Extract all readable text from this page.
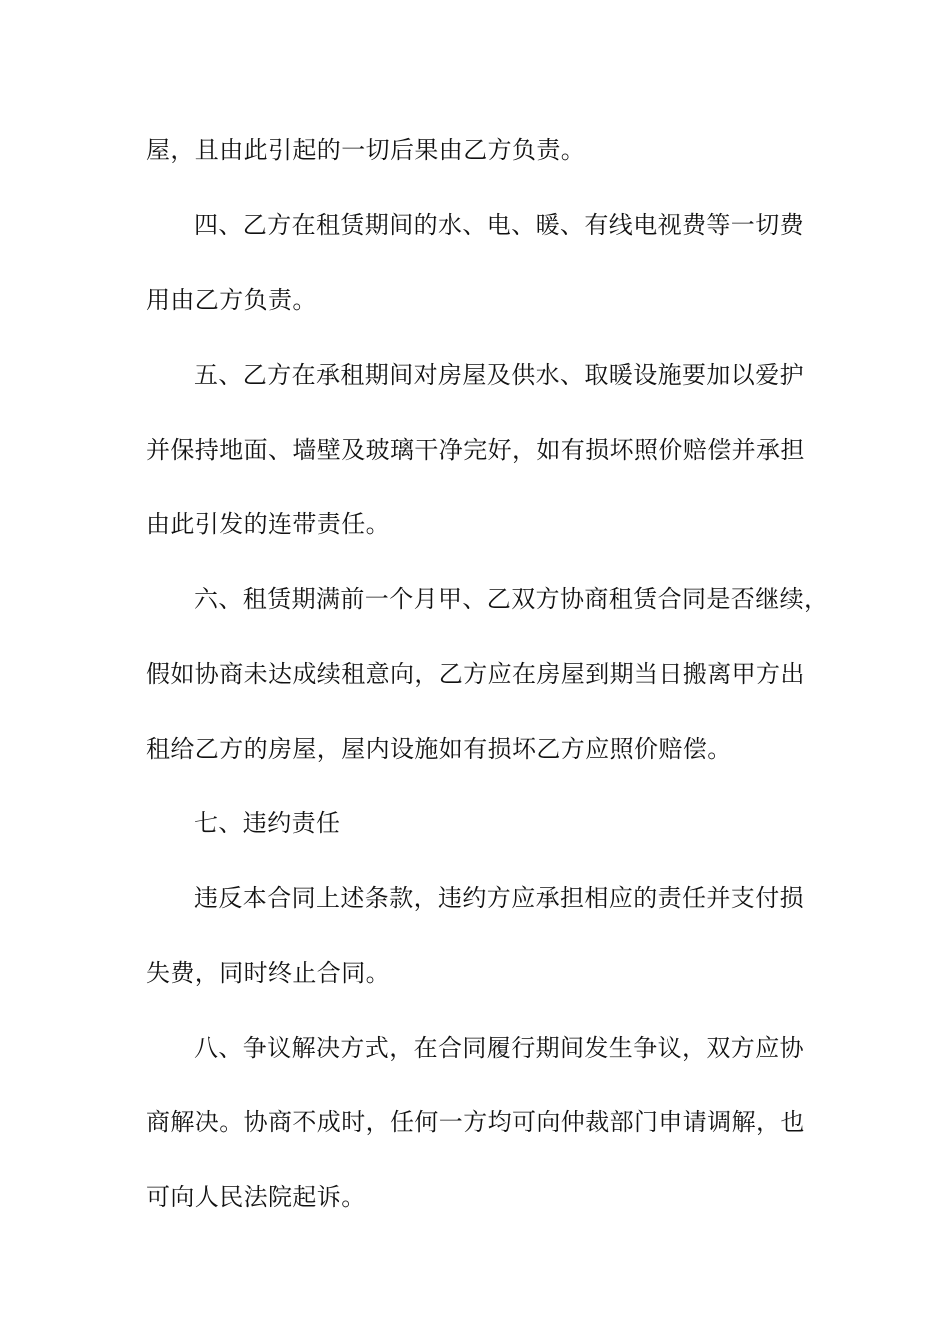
屋，且由此引起的一切后果由乙方负责。
四、乙方在租赁期间的水、电、暖、有线电视费等一切费
用由乙方负责。
五、乙方在承租期间对房屋及供水、取暖设施要加以爱护
并保持地面、墙壁及玻璃干净完好，如有损坏照价赔偿并承担
由此引发的连带责任。
六、租赁期满前一个月甲、乙双方协商租赁合同是否继续，
假如协商未达成续租意向，乙方应在房屋到期当日搬离甲方出
租给乙方的房屋，屋内设施如有损坏乙方应照价赔偿。
七、违约责任
违反本合同上述条款，违约方应承担相应的责任并支付损
失费，同时终止合同。
八、争议解决方式，在合同履行期间发生争议，双方应协
商解决。协商不成时，任何一方均可向仲裁部门申请调解，也
可向人民法院起诉。
